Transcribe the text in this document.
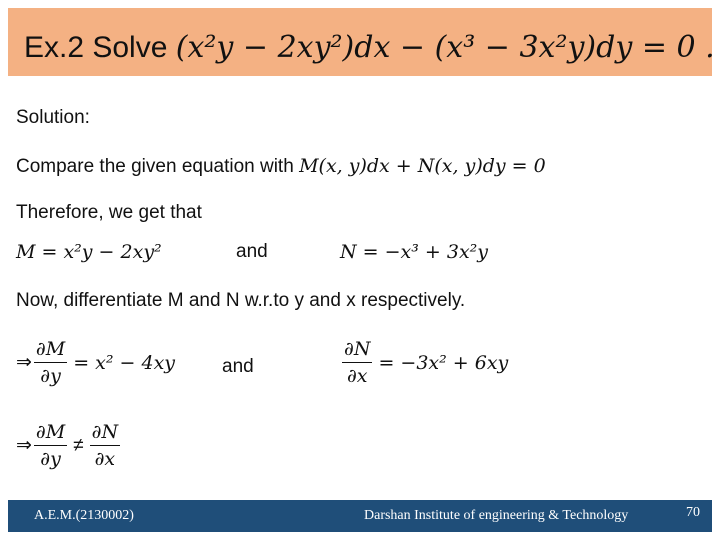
Ex.2 Solve (x²y − 2xy²)dx − (x³ − 3x²y)dy = 0 .
Solution:
Compare the given equation with M(x, y)dx + N(x, y)dy = 0
Therefore, we get that
M = x²y − 2xy²	and	N = −x³ + 3x²y
Now, differentiate M and N w.r.to y and x respectively.
⇒ $\frac{\partial M}{\partial y} = x^2 - 4xy$ and	$\frac{\partial N}{\partial x} = -3x^2 + 6xy$
⇒ $\frac{\partial M}{\partial y} \ne \frac{\partial N}{\partial x}$
A.E.M.(2130002)	Darshan Institute of engineering & Technology	70
